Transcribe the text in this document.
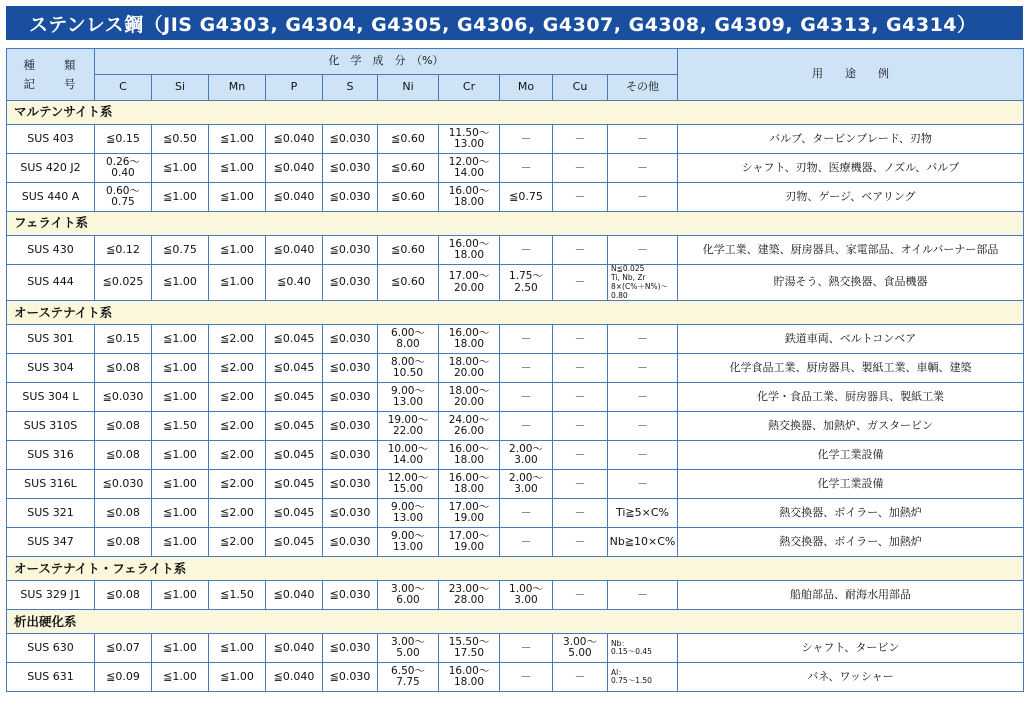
ステンレス鋼（JIS G4303, G4304, G4305, G4306, G4307, G4308, G4309, G4313, G4314）
種　　類
記　　号	化　学　成　分　（%）										用　　途　　例
	C	Si	Mn	P	S	Ni	Cr	Mo	Cu	その他	
マルテンサイト系											
SUS 403	≦0.15	≦0.50	≦1.00	≦0.040	≦0.030	≦0.60	11.50～
13.00	－	－	－	バルブ、タービンブレード、刃物
SUS 420 J2	0.26～
0.40	≦1.00	≦1.00	≦0.040	≦0.030	≦0.60	12.00～
14.00	－	－	－	シャフト、刃物、医療機器、ノズル、バルブ
SUS 440 A	0.60～
0.75	≦1.00	≦1.00	≦0.040	≦0.030	≦0.60	16.00～
18.00	≦0.75	－	－	刃物、ゲージ、ベアリング
フェライト系											
SUS 430	≦0.12	≦0.75	≦1.00	≦0.040	≦0.030	≦0.60	16.00～
18.00	－	－	－	化学工業、建築、厨房器具、家電部品、オイルバーナー部品
SUS 444	≦0.025	≦1.00	≦1.00	≦0.40	≦0.030	≦0.60	17.00～
20.00	1.75～
2.50	－	N≦0.025
Ti, Nb, Zr
8×(C%＋N%)～0.80	貯湯そう、熱交換器、食品機器
オーステナイト系											
SUS 301	≦0.15	≦1.00	≦2.00	≦0.045	≦0.030	6.00～
8.00	16.00～
18.00	－	－	－	鉄道車両、ベルトコンベア
SUS 304	≦0.08	≦1.00	≦2.00	≦0.045	≦0.030	8.00～
10.50	18.00～
20.00	－	－	－	化学食品工業、厨房器具、製紙工業、車輌、建築
SUS 304 L	≦0.030	≦1.00	≦2.00	≦0.045	≦0.030	9.00～
13.00	18.00～
20.00	－	－	－	化学・食品工業、厨房器具、製紙工業
SUS 310S	≦0.08	≦1.50	≦2.00	≦0.045	≦0.030	19.00～
22.00	24.00～
26.00	－	－	－	熱交換器、加熱炉、ガスタービン
SUS 316	≦0.08	≦1.00	≦2.00	≦0.045	≦0.030	10.00～
14.00	16.00～
18.00	2.00～
3.00	－	－	化学工業設備
SUS 316L	≦0.030	≦1.00	≦2.00	≦0.045	≦0.030	12.00～
15.00	16.00～
18.00	2.00～
3.00	－	－	化学工業設備
SUS 321	≦0.08	≦1.00	≦2.00	≦0.045	≦0.030	9.00～
13.00	17.00～
19.00	－	－	Ti≧5×C%	熱交換器、ボイラー、加熱炉
SUS 347	≦0.08	≦1.00	≦2.00	≦0.045	≦0.030	9.00～
13.00	17.00～
19.00	－	－	Nb≧10×C%	熱交換器、ボイラー、加熱炉
オーステナイト・フェライト系											
SUS 329 J1	≦0.08	≦1.00	≦1.50	≦0.040	≦0.030	3.00～
6.00	23.00～
28.00	1.00～
3.00	－	－	船舶部品、耐海水用部品
析出硬化系											
SUS 630	≦0.07	≦1.00	≦1.00	≦0.040	≦0.030	3.00～
5.00	15.50～
17.50	－	3.00～
5.00	Nb：
0.15～0.45	シャフト、タービン
SUS 631	≦0.09	≦1.00	≦1.00	≦0.040	≦0.030	6.50～
7.75	16.00～
18.00	－	－	Al：
0.75～1.50	バネ、ワッシャー
